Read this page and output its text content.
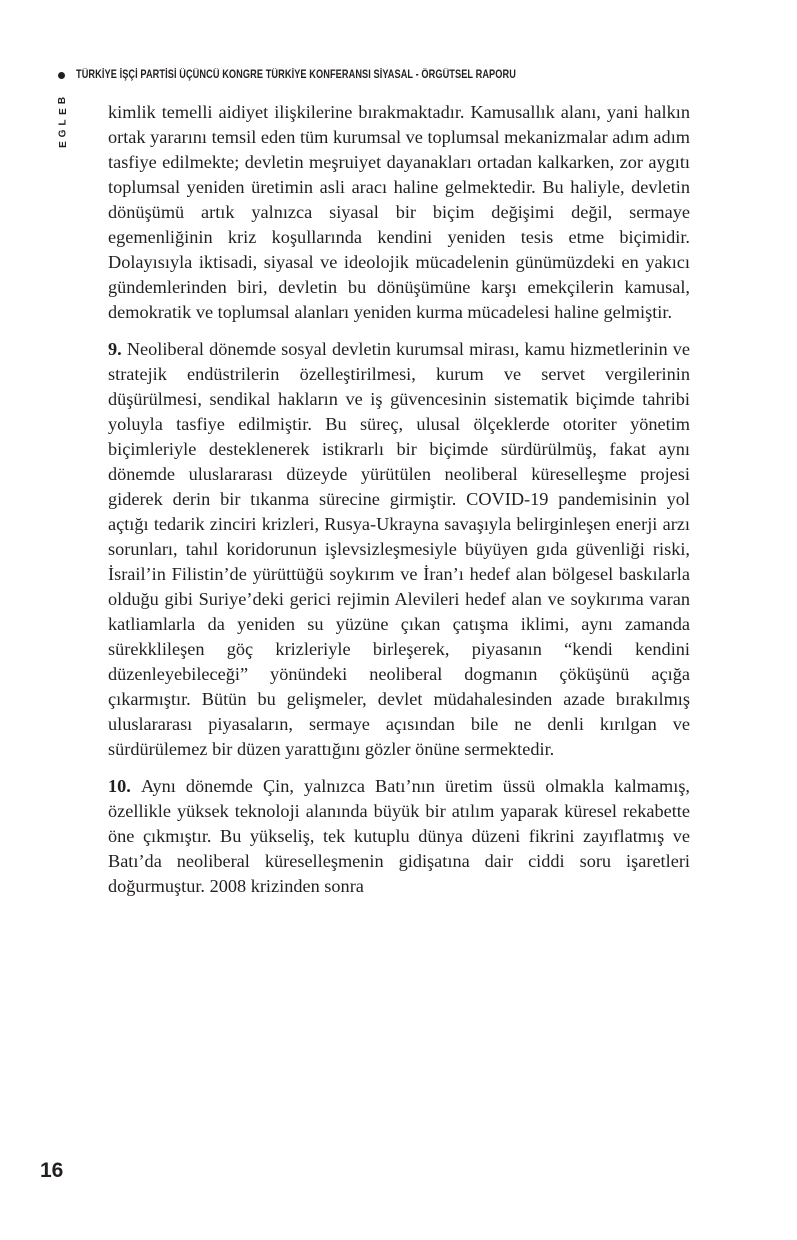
TÜRKİYE İŞÇİ PARTİSİ ÜÇÜNCÜ KONGRE TÜRKİYE KONFERANSI SİYASAL - ÖRGÜTSEL RAPORU
B
E
L
G
E

kimlik temelli aidiyet ilişkilerine bırakmaktadır. Kamusallık alanı, yani halkın ortak yararını temsil eden tüm kurumsal ve toplumsal mekanizmalar adım adım tasfiye edilmekte; devletin meşruiyet dayanakları ortadan kalkarken, zor aygıtı toplumsal yeniden üretimin asli aracı haline gelmektedir. Bu haliyle, devletin dönüşümü artık yalnızca siyasal bir biçim değişimi değil, sermaye egemenliğinin kriz koşullarında kendini yeniden tesis etme biçimidir. Dolayısıyla iktisadi, siyasal ve ideolojik mücadelenin günümüzdeki en yakıcı gündemlerinden biri, devletin bu dönüşümüne karşı emekçilerin kamusal, demokratik ve toplumsal alanları yeniden kurma mücadelesi haline gelmiştir.

9. Neoliberal dönemde sosyal devletin kurumsal mirası, kamu hizmetlerinin ve stratejik endüstrilerin özelleştirilmesi, kurum ve servet vergilerinin düşürülmesi, sendikal hakların ve iş güvencesinin sistematik biçimde tahribi yoluyla tasfiye edilmiştir. Bu süreç, ulusal ölçeklerde otoriter yönetim biçimleriyle desteklenerek istikrarlı bir biçimde sürdürülmüş, fakat aynı dönemde uluslararası düzeyde yürütülen neoliberal küreselleşme projesi giderek derin bir tıkanma sürecine girmiştir. COVID-19 pandemisinin yol açtığı tedarik zinciri krizleri, Rusya-Ukrayna savaşıyla belirginleşen enerji arzı sorunları, tahıl koridorunun işlevsizleşmesiyle büyüyen gıda güvenliği riski, İsrail’in Filistin’de yürüttüğü soykırım ve İran’ı hedef alan bölgesel baskılarla olduğu gibi Suriye’deki gerici rejimin Alevileri hedef alan ve soykırıma varan katliamlarla da yeniden su yüzüne çıkan çatışma iklimi, aynı zamanda sürekklileşen göç krizleriyle birleşerek, piyasanın “kendi kendini düzenleyebileceği” yönündeki neoliberal dogmanın çöküşünü açığa çıkarmıştır. Bütün bu gelişmeler, devlet müdahalesinden azade bırakılmış uluslararası piyasaların, sermaye açısından bile ne denli kırılgan ve sürdürülemez bir düzen yarattığını gözler önüne sermektedir.

10. Aynı dönemde Çin, yalnızca Batı’nın üretim üssü olmakla kalmamış, özellikle yüksek teknoloji alanında büyük bir atılım yaparak küresel rekabette öne çıkmıştır. Bu yükseliş, tek kutuplu dünya düzeni fikrini zayıflatmış ve Batı’da neoliberal küreselleşmenin gidişatına dair ciddi soru işaretleri doğurmuştur. 2008 krizinden sonra

16
